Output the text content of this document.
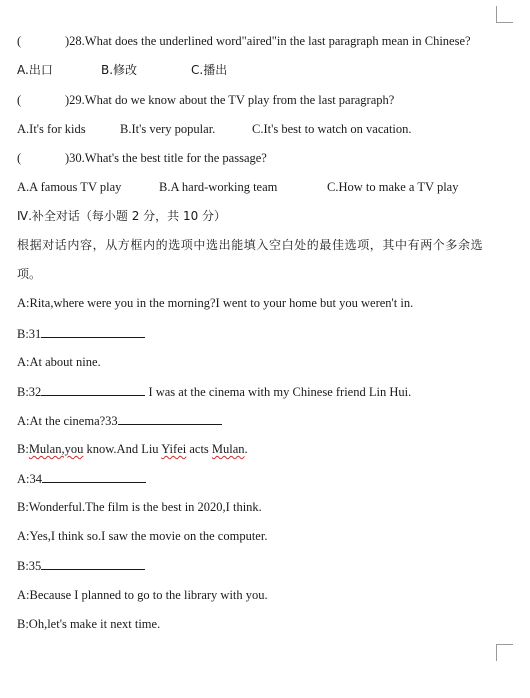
(	)28.What does the underlined word"aired"in the last paragraph mean in Chinese?
A.出口	B.修改	C.播出
(	)29.What do we know about the TV play from the last paragraph?
A.It's for kids	B.It's very popular.	C.It's best to watch on vacation.
(	)30.What's the best title for the passage?
A.A famous TV play	B.A hard-working team	C.How to make a TV play
Ⅳ.补全对话（每小题 2 分，共 10 分）
根据对话内容，从方框内的选项中选出能填入空白处的最佳选项，其中有两个多余选
项。
A:Rita,where were you in the morning?I went to your home but you weren't in.
B:31
A:At about nine.
B:32	I was at the cinema with my Chinese friend Lin Hui.
A:At the cinema?33
B:Mulan,you know.And Liu Yifei acts Mulan.
A:34
B:Wonderful.The film is the best in 2020,I think.
A:Yes,I think so.I saw the movie on the computer.
B:35
A:Because I planned to go to the library with you.
B:Oh,let's make it next time.
